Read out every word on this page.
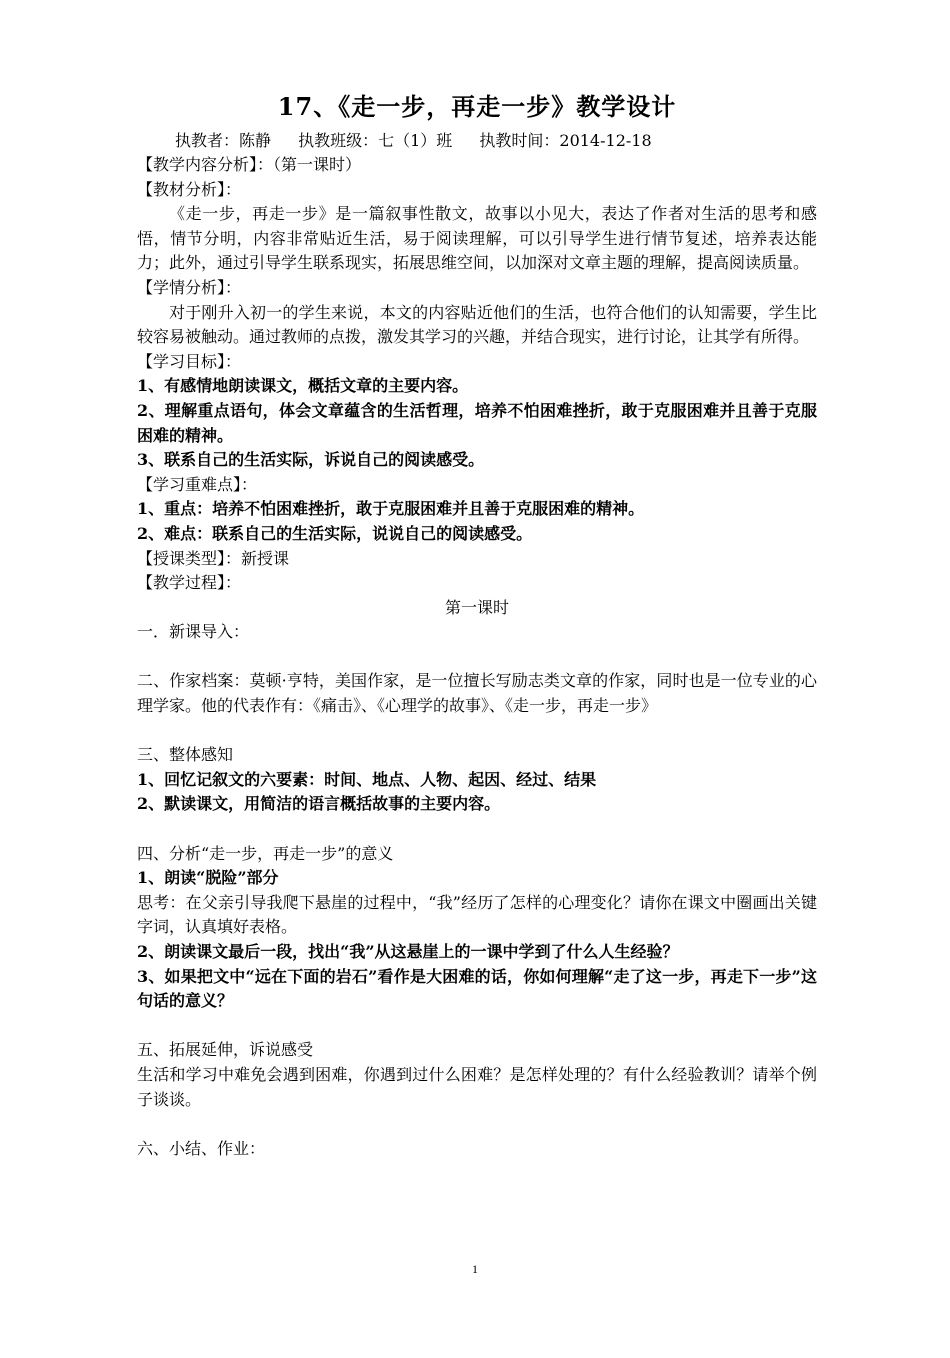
17、《走一步，再走一步》教学设计
执教者：陈静 执教班级：七（1）班 执教时间：2014-12-18

【教学内容分析】：（第一课时）

【教材分析】：

《走一步，再走一步》是一篇叙事性散文，故事以小见大，表达了作者对生活的思考和感悟，情节分明，内容非常贴近生活，易于阅读理解，可以引导学生进行情节复述，培养表达能力；此外，通过引导学生联系现实，拓展思维空间，以加深对文章主题的理解，提高阅读质量。

【学情分析】：

对于刚升入初一的学生来说，本文的内容贴近他们的生活，也符合他们的认知需要，学生比较容易被触动。通过教师的点拨，激发其学习的兴趣，并结合现实，进行讨论，让其学有所得。

【学习目标】：

1、有感情地朗读课文，概括文章的主要内容。

2、理解重点语句，体会文章蕴含的生活哲理，培养不怕困难挫折，敢于克服困难并且善于克服困难的精神。

3、联系自己的生活实际，诉说自己的阅读感受。

【学习重难点】：

1、重点：培养不怕困难挫折，敢于克服困难并且善于克服困难的精神。

2、难点：联系自己的生活实际，说说自己的阅读感受。

【授课类型】：新授课

【教学过程】：

第一课时

一．新课导入：

二、作家档案：莫顿·亨特，美国作家，是一位擅长写励志类文章的作家，同时也是一位专业的心理学家。他的代表作有：《痛击》、《心理学的故事》、《走一步，再走一步》

三、整体感知

1、回忆记叙文的六要素：时间、地点、人物、起因、经过、结果

2、默读课文，用简洁的语言概括故事的主要内容。

四、分析“走一步，再走一步”的意义

1、朗读“脱险”部分

思考：在父亲引导我爬下悬崖的过程中，“我”经历了怎样的心理变化？请你在课文中圈画出关键字词，认真填好表格。

2、朗读课文最后一段，找出“我”从这悬崖上的一课中学到了什么人生经验？

3、如果把文中“远在下面的岩石”看作是大困难的话，你如何理解“走了这一步，再走下一步”这句话的意义？

五、拓展延伸，诉说感受

生活和学习中难免会遇到困难，你遇到过什么困难？是怎样处理的？有什么经验教训？请举个例子谈谈。

六、小结、作业：

1
